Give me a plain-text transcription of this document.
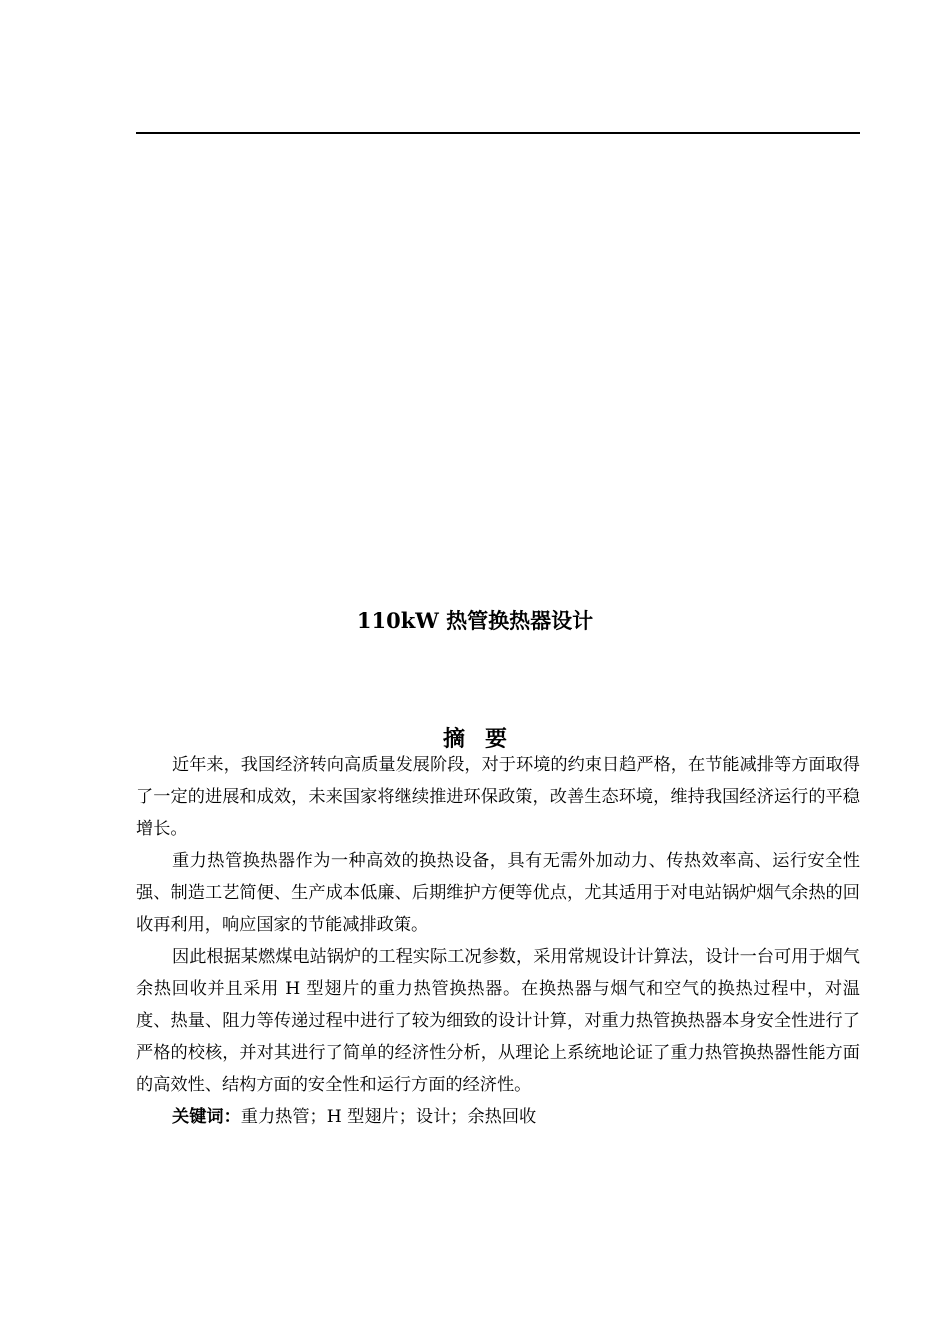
110kW 热管换热器设计
摘要

近年来，我国经济转向高质量发展阶段，对于环境的约束日趋严格，在节能减排等方面取得了一定的进展和成效，未来国家将继续推进环保政策，改善生态环境，维持我国经济运行的平稳增长。

重力热管换热器作为一种高效的换热设备，具有无需外加动力、传热效率高、运行安全性强、制造工艺简便、生产成本低廉、后期维护方便等优点，尤其适用于对电站锅炉烟气余热的回收再利用，响应国家的节能减排政策。

因此根据某燃煤电站锅炉的工程实际工况参数，采用常规设计计算法，设计一台可用于烟气余热回收并且采用 H 型翅片的重力热管换热器。在换热器与烟气和空气的换热过程中，对温度、热量、阻力等传递过程中进行了较为细致的设计计算，对重力热管换热器本身安全性进行了严格的校核，并对其进行了简单的经济性分析，从理论上系统地论证了重力热管换热器性能方面的高效性、结构方面的安全性和运行方面的经济性。

关键词：重力热管；H 型翅片；设计；余热回收
